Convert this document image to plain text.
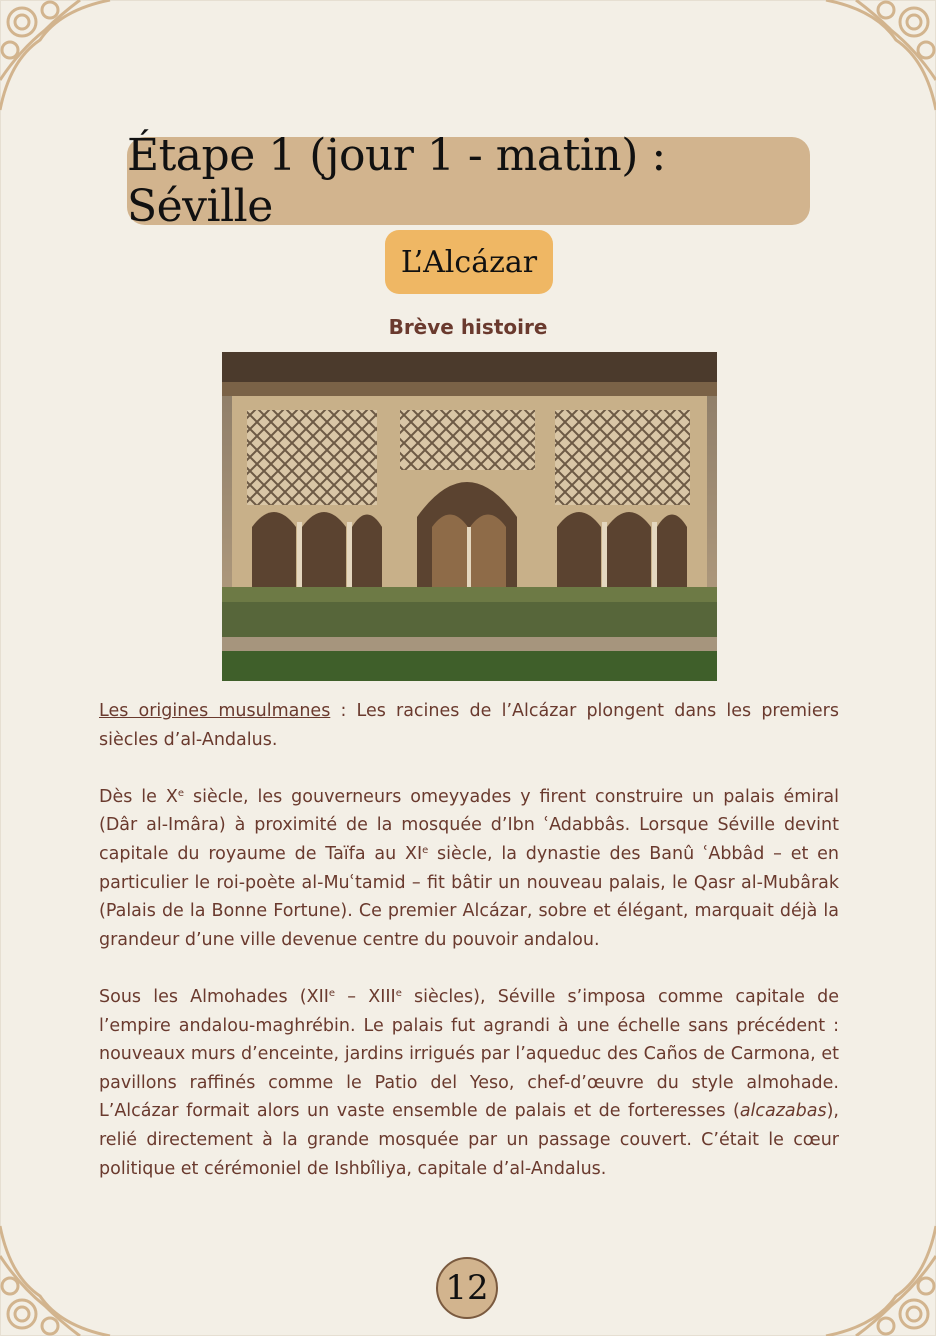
Étape 1 (jour 1 - matin) : Séville
L’Alcázar
Brève histoire

Les origines musulmanes : Les racines de l’Alcázar plongent dans les premiers siècles d’al-Andalus.

Dès le Xe siècle, les gouverneurs omeyyades y firent construire un palais émiral (Dâr al-Imâra) à proximité de la mosquée d’Ibn ʿAdabbâs. Lorsque Séville devint capitale du royaume de Taïfa au XIe siècle, la dynastie des Banû ʿAbbâd – et en particulier le roi-poète al-Muʿtamid – fit bâtir un nouveau palais, le Qasr al-Mubârak (Palais de la Bonne Fortune). Ce premier Alcázar, sobre et élégant, marquait déjà la grandeur d’une ville devenue centre du pouvoir andalou.

Sous les Almohades (XIIe – XIIIe siècles), Séville s’imposa comme capitale de l’empire andalou-maghrébin. Le palais fut agrandi à une échelle sans précédent : nouveaux murs d’enceinte, jardins irrigués par l’aqueduc des Caños de Carmona, et pavillons raffinés comme le Patio del Yeso, chef-d’œuvre du style almohade. L’Alcázar formait alors un vaste ensemble de palais et de forteresses (alcazabas), relié directement à la grande mosquée par un passage couvert. C’était le cœur politique et cérémoniel de Ishbîliya, capitale d’al-Andalus.

12
